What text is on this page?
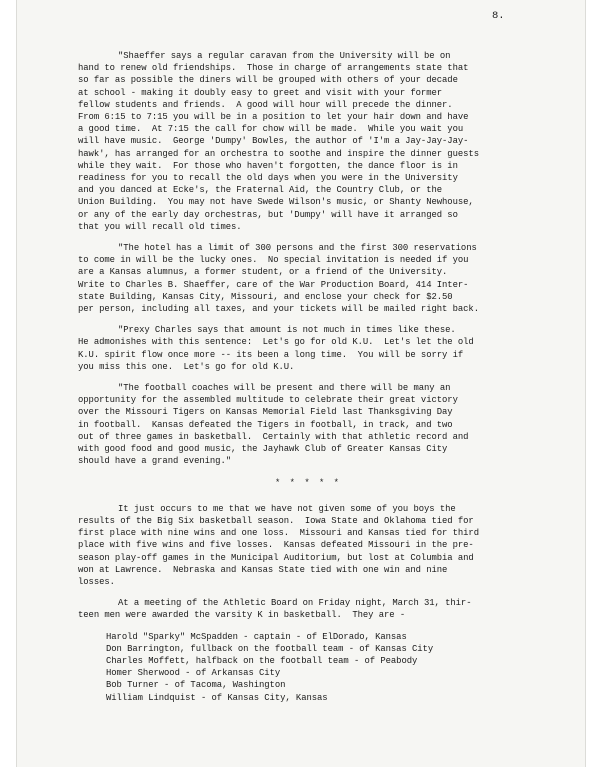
8.
"Shaeffer says a regular caravan from the University will be on
hand to renew old friendships.  Those in charge of arrangements state that
so far as possible the diners will be grouped with others of your decade
at school - making it doubly easy to greet and visit with your former
fellow students and friends.  A good will hour will precede the dinner.
From 6:15 to 7:15 you will be in a position to let your hair down and have
a good time.  At 7:15 the call for chow will be made.  While you wait you
will have music.  George 'Dumpy' Bowles, the author of 'I'm a Jay-Jay-Jay-
hawk', has arranged for an orchestra to soothe and inspire the dinner guests
while they wait.  For those who haven't forgotten, the dance floor is in
readiness for you to recall the old days when you were in the University
and you danced at Ecke's, the Fraternal Aid, the Country Club, or the
Union Building.  You may not have Swede Wilson's music, or Shanty Newhouse,
or any of the early day orchestras, but 'Dumpy' will have it arranged so
that you will recall old times.
"The hotel has a limit of 300 persons and the first 300 reservations
to come in will be the lucky ones.  No special invitation is needed if you
are a Kansas alumnus, a former student, or a friend of the University.
Write to Charles B. Shaeffer, care of the War Production Board, 414 Inter-
state Building, Kansas City, Missouri, and enclose your check for $2.50
per person, including all taxes, and your tickets will be mailed right back.
"Prexy Charles says that amount is not much in times like these.
He admonishes with this sentence:  Let's go for old K.U.  Let's let the old
K.U. spirit flow once more -- its been a long time.  You will be sorry if
you miss this one.  Let's go for old K.U.
"The football coaches will be present and there will be many an
opportunity for the assembled multitude to celebrate their great victory
over the Missouri Tigers on Kansas Memorial Field last Thanksgiving Day
in football.  Kansas defeated the Tigers in football, in track, and two
out of three games in basketball.  Certainly with that athletic record and
with good food and good music, the Jayhawk Club of Greater Kansas City
should have a grand evening."
* * * * *
It just occurs to me that we have not given some of you boys the
results of the Big Six basketball season.  Iowa State and Oklahoma tied for
first place with nine wins and one loss.  Missouri and Kansas tied for third
place with five wins and five losses.  Kansas defeated Missouri in the pre-
season play-off games in the Municipal Auditorium, but lost at Columbia and
won at Lawrence.  Nebraska and Kansas State tied with one win and nine
losses.
At a meeting of the Athletic Board on Friday night, March 31, thir-
teen men were awarded the varsity K in basketball.  They are -
Harold "Sparky" McSpadden - captain - of ElDorado, Kansas
Don Barrington, fullback on the football team - of Kansas City
Charles Moffett, halfback on the football team - of Peabody
Homer Sherwood - of Arkansas City
Bob Turner - of Tacoma, Washington
William Lindquist - of Kansas City, Kansas
